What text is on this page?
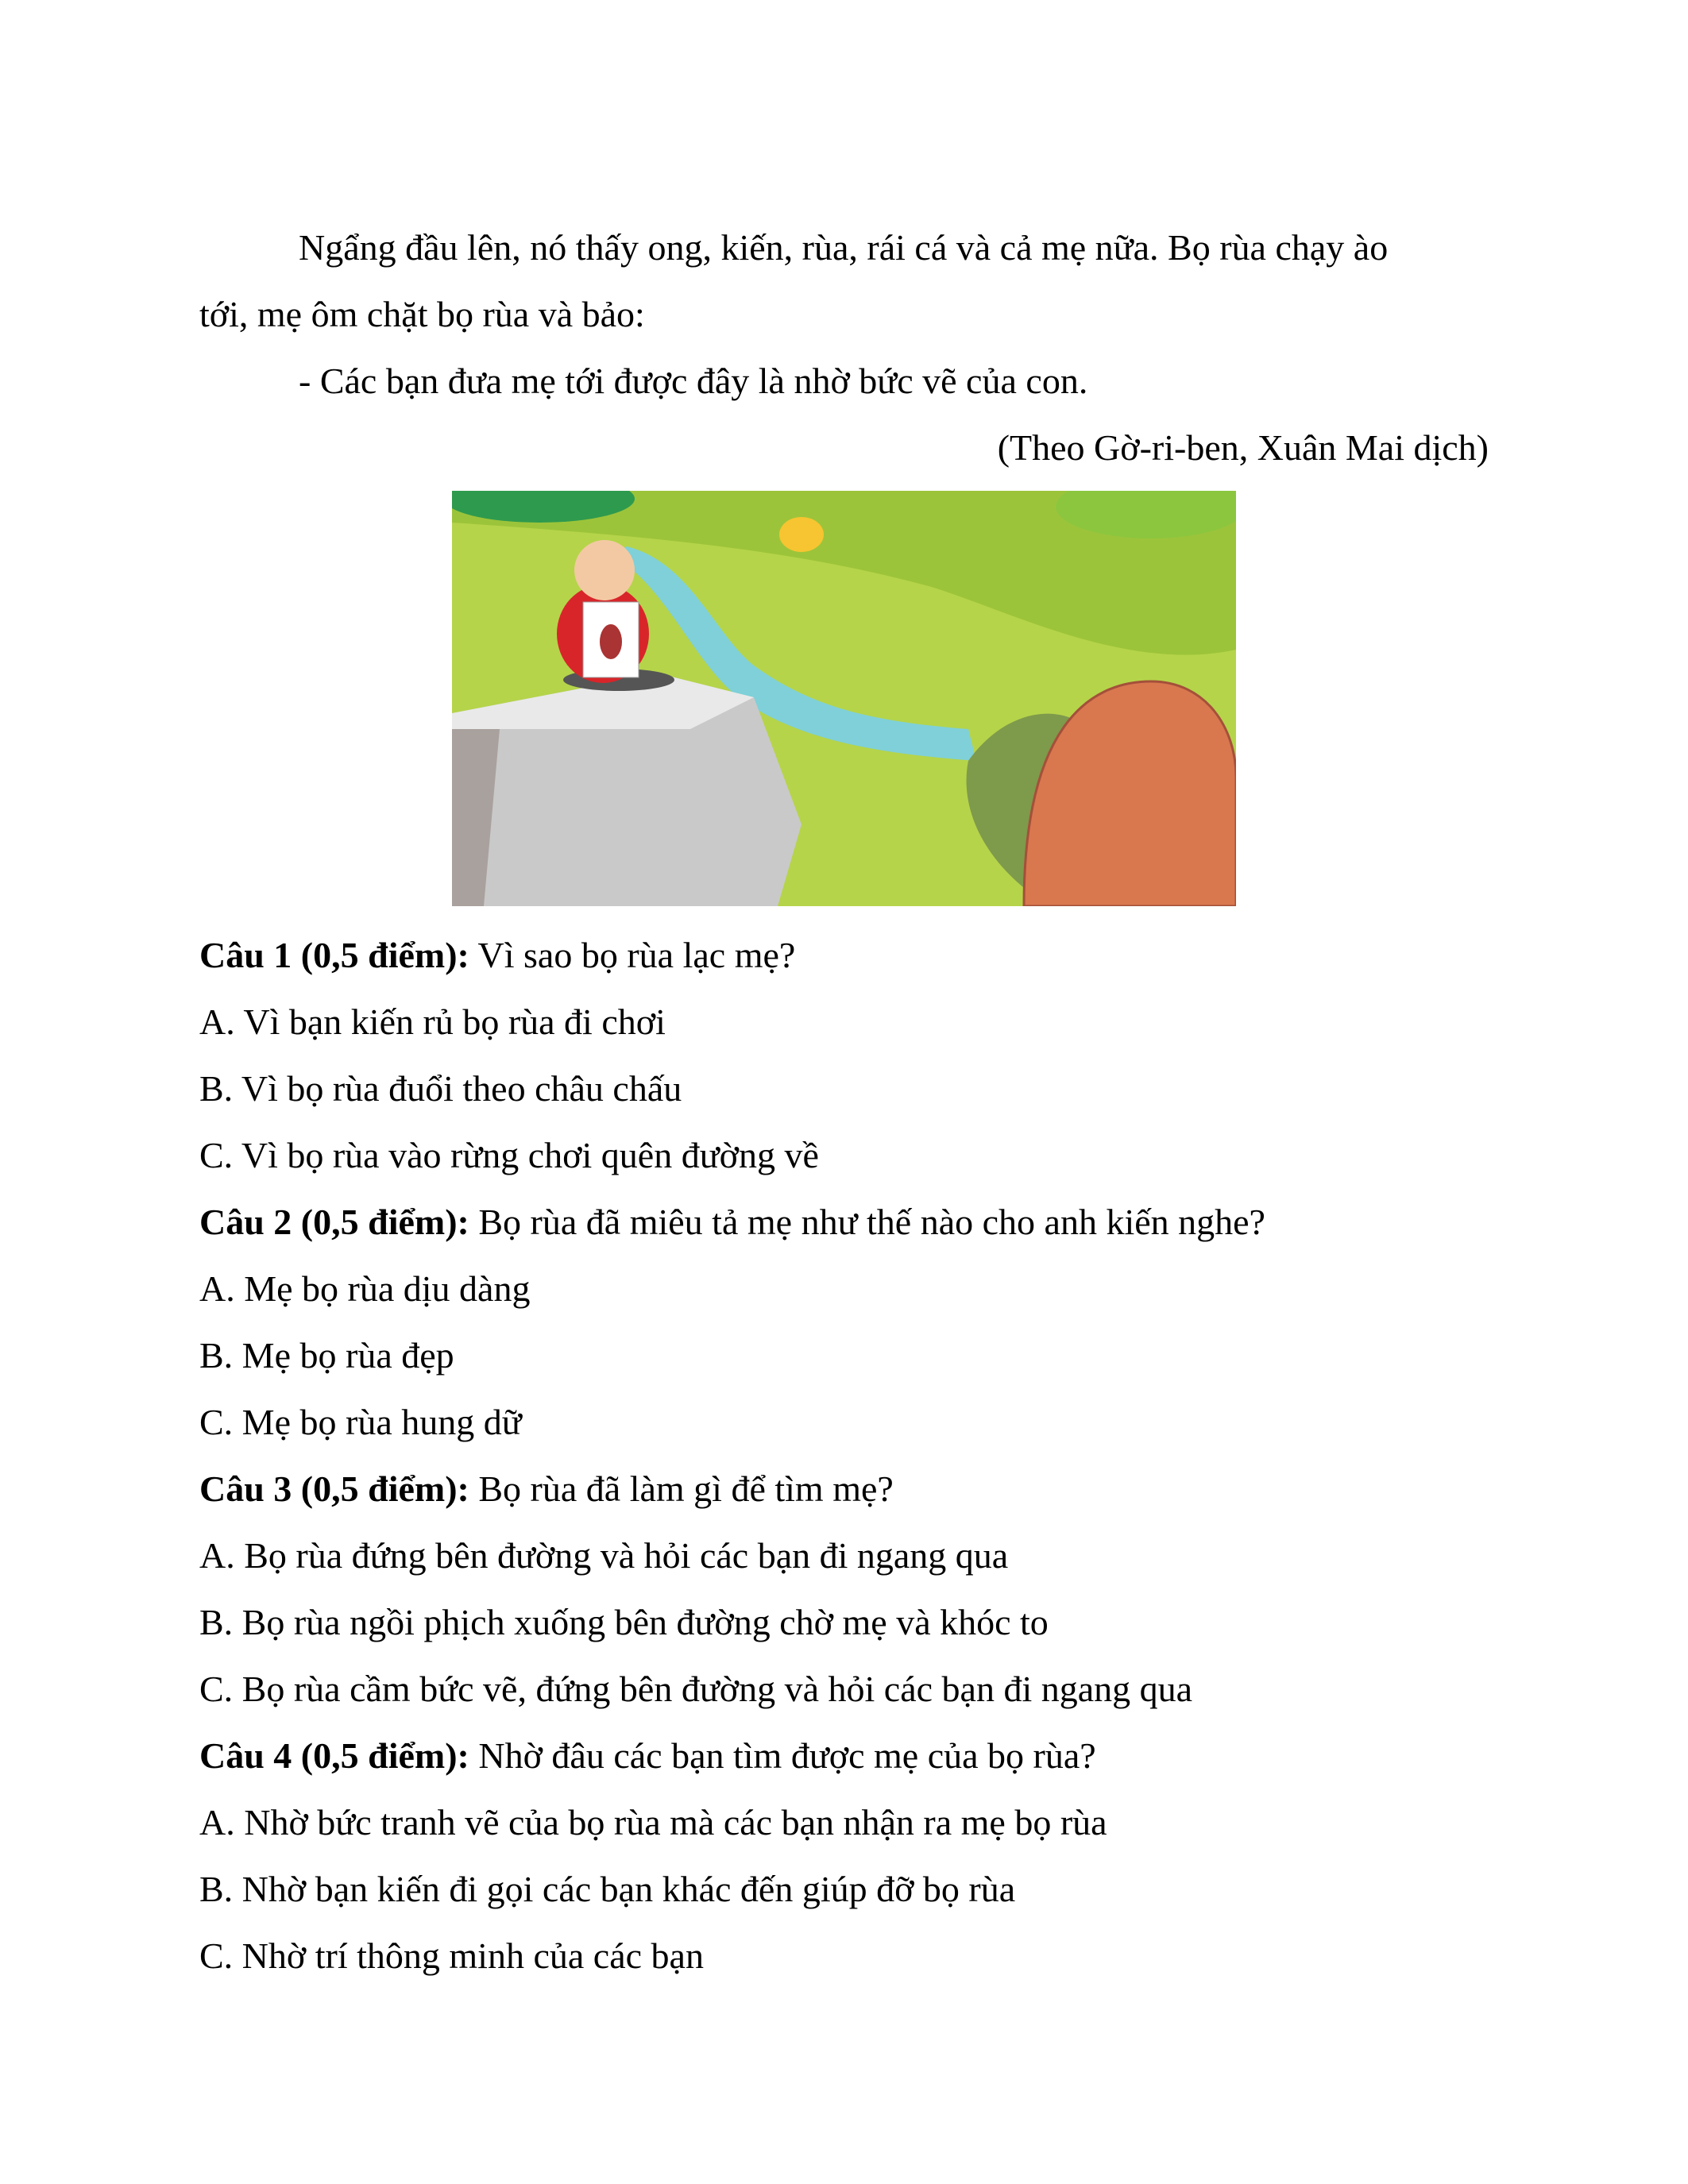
Ngẩng đầu lên, nó thấy ong, kiến, rùa, rái cá và cả mẹ nữa. Bọ rùa chạy ào
tới, mẹ ôm chặt bọ rùa và bảo:
- Các bạn đưa mẹ tới được đây là nhờ bức vẽ của con.
(Theo Gờ-ri-ben, Xuân Mai dịch)
Câu 1 (0,5 điểm): Vì sao bọ rùa lạc mẹ?
A. Vì bạn kiến rủ bọ rùa đi chơi
B. Vì bọ rùa đuổi theo châu chấu
C. Vì bọ rùa vào rừng chơi quên đường về
Câu 2 (0,5 điểm): Bọ rùa đã miêu tả mẹ như thế nào cho anh kiến nghe?
A. Mẹ bọ rùa dịu dàng
B. Mẹ bọ rùa đẹp
C. Mẹ bọ rùa hung dữ
Câu 3 (0,5 điểm): Bọ rùa đã làm gì để tìm mẹ?
A. Bọ rùa đứng bên đường và hỏi các bạn đi ngang qua
B. Bọ rùa ngồi phịch xuống bên đường chờ mẹ và khóc to
C. Bọ rùa cầm bức vẽ, đứng bên đường và hỏi các bạn đi ngang qua
Câu 4 (0,5 điểm): Nhờ đâu các bạn tìm được mẹ của bọ rùa?
A. Nhờ bức tranh vẽ của bọ rùa mà các bạn nhận ra mẹ bọ rùa
B. Nhờ bạn kiến đi gọi các bạn khác đến giúp đỡ bọ rùa
C. Nhờ trí thông minh của các bạn
